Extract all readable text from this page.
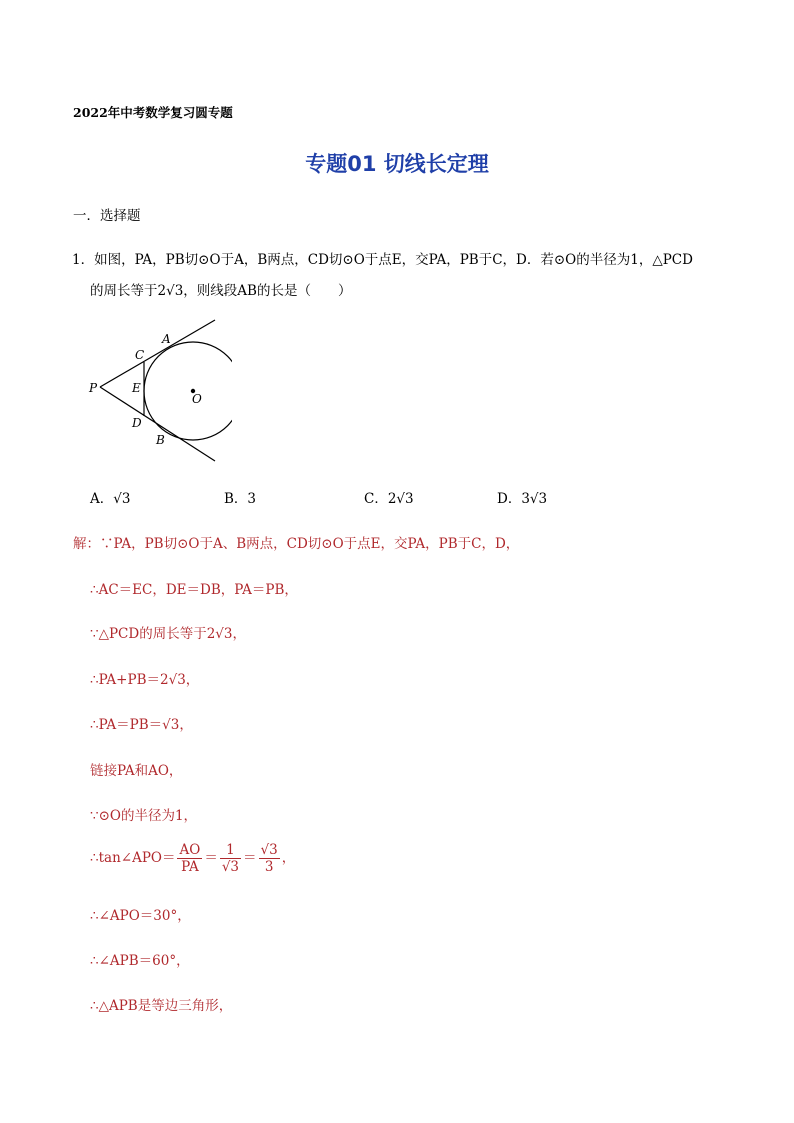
2022年中考数学复习圆专题
专题01 切线长定理
一．选择题
1．如图，PA，PB切⊙O于A，B两点，CD切⊙O于点E，交PA，PB于C，D．若⊙O的半径为1，△PCD
的周长等于2√3，则线段AB的长是（　　）
A
C
P	E
O
D
B
A．√3	B．3	C．2√3	D．3√3
解：∵PA，PB切⊙O于A、B两点，CD切⊙O于点E，交PA，PB于C，D，
∴AC＝EC，DE＝DB，PA＝PB，
∵△PCD的周长等于2√3，
∴PA+PB＝2√3，
∴PA＝PB＝√3，
链接PA和AO，
∵⊙O的半径为1，
∴tan∠APO＝ $\frac{AO}{PA} = \frac{1}{√3} = \frac{√3}{3}$ ，
∴∠APO＝30°，
∴∠APB＝60°，
∴△APB是等边三角形，
